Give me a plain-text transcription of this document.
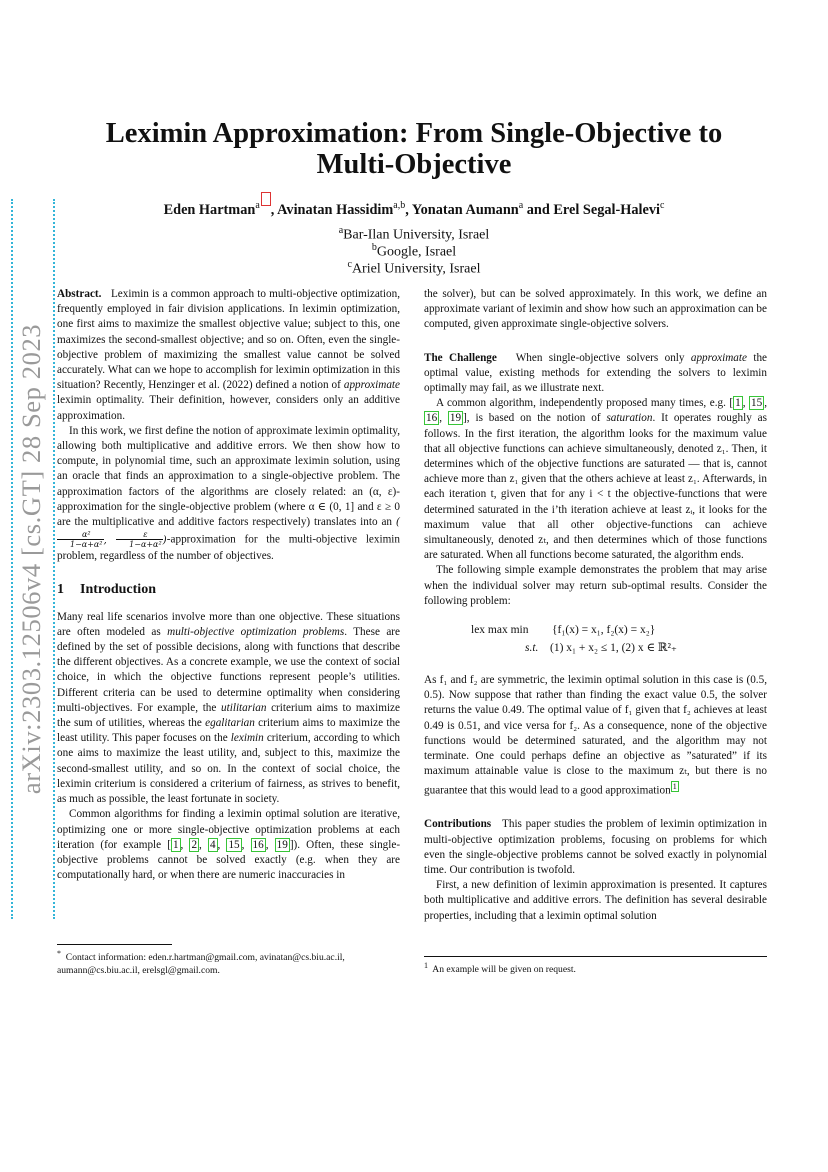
arXiv:2303.12506v4 [cs.GT] 28 Sep 2023
Leximin Approximation: From Single-Objective to
Multi-Objective
Eden Hartman$^a$ , Avinatan Hassidim$^{a,b}$, Yonatan Aumann$^a$ and Erel Segal-Halevi$^c$
$^a$Bar-Ilan University, Israel
$^b$Google, Israel
$^c$Ariel University, Israel

Abstract. Leximin is a common approach to multi-objective optimization, frequently employed in fair division applications. In leximin optimization, one first aims to maximize the smallest objective value; subject to this, one maximizes the second-smallest objective; and so on. Often, even the single-objective problem of maximizing the smallest value cannot be solved accurately. What can we hope to accomplish for leximin optimization in this situation? Recently, Henzinger et al. (2022) defined a notion of approximate leximin optimality. Their definition, however, considers only an additive approximation.

In this work, we first define the notion of approximate leximin optimality, allowing both multiplicative and additive errors. We then show how to compute, in polynomial time, such an approximate leximin solution, using an oracle that finds an approximation to a single-objective problem. The approximation factors of the algorithms are closely related: an (α, ε)-approximation for the single-objective problem (where α ∈ (0, 1] and ε ≥ 0 are the multiplicative and additive factors respectively) translates into an (
$\frac{\text{α²}}{\text{1−α+α²}}$ , $\frac{\varepsilon}{\text{1−α+α²}}$ )-approximation for the multi-objective leximin problem, regardless of the number of objectives.

1 Introduction

Many real life scenarios involve more than one objective. These situations are often modeled as multi-objective optimization problems. These are defined by the set of possible decisions, along with functions that describe the different objectives. As a concrete example, we use the context of social choice, in which the objective functions represent people’s utilities. Different criteria can be used to determine optimality when considering multi-objectives. For example, the utilitarian criterium aims to maximize the sum of utilities, whereas the egalitarian criterium aims to maximize the least utility. This paper focuses on the leximin criterium, according to which one aims to maximize the least utility, and, subject to this, maximize the second-smallest utility, and so on. In the context of social choice, the leximin criterium is considered a criterium of fairness, as strives to benefit, as much as possible, the least fortunate in society.

Common algorithms for finding a leximin optimal solution are iterative, optimizing one or more single-objective optimization problems at each iteration (for example [ 1 , 2 , 4 , 15 , 16 , 19 ]). Often, these single-objective problems cannot be solved exactly (e.g. when they are computationally hard, or when there are numeric inaccuracies in

* Contact information: eden.r.hartman@gmail.com, avinatan@cs.biu.ac.il, aumann@cs.biu.ac.il, erelsgl@gmail.com.

the solver), but can be solved approximately. In this work, we define an approximate variant of leximin and show how such an approximation can be computed, given approximate single-objective solvers.

The Challenge When single-objective solvers only approximate the optimal value, existing methods for extending the solvers to leximin optimally may fail, as we illustrate next.

A common algorithm, independently proposed many times, e.g. [ 1 , 15 , 16 , 19 ], is based on the notion of saturation. It operates roughly as follows. In the first iteration, the algorithm looks for the maximum value that all objective functions can achieve simultaneously, denoted z₁. Then, it determines which of the objective functions are saturated — that is, cannot achieve more than z₁ given that the others achieve at least z₁. Afterwards, in each iteration t, given that for any i < t the objective-functions that were determined saturated in the i’th iteration achieve at least zᵢ, it looks for the maximum value that all other objective-functions can achieve simultaneously, denoted zₜ, and then determines which of those functions are saturated. When all functions become saturated, the algorithm ends.

The following simple example demonstrates the problem that may arise when the individual solver may return sub-optimal results. Consider the following problem:

lex max min {f₁(x) = x₁, f₂(x) = x₂}
s.t. (1) x₁ + x₂ ≤ 1, (2) x ∈ ℝ²₊

As f₁ and f₂ are symmetric, the leximin optimal solution in this case is (0.5, 0.5). Now suppose that rather than finding the exact value 0.5, the solver returns the value 0.49. The optimal value of f₁ given that f₂ achieves at least 0.49 is 0.51, and vice versa for f₂. As a consequence, none of the objective functions would be determined saturated, and the algorithm may not terminate. One could perhaps define an objective as ”saturated” if its maximum attainable value is close to the maximum zₜ, but there is no guarantee that this would lead to a good approximation $^1$

Contributions This paper studies the problem of leximin optimization in multi-objective optimization problems, focusing on problems for which even the single-objective problems cannot be solved exactly in polynomial time. Our contribution is twofold.

First, a new definition of leximin approximation is presented. It captures both multiplicative and additive errors. The definition has several desirable properties, including that a leximin optimal solution

$^1$ An example will be given on request.
